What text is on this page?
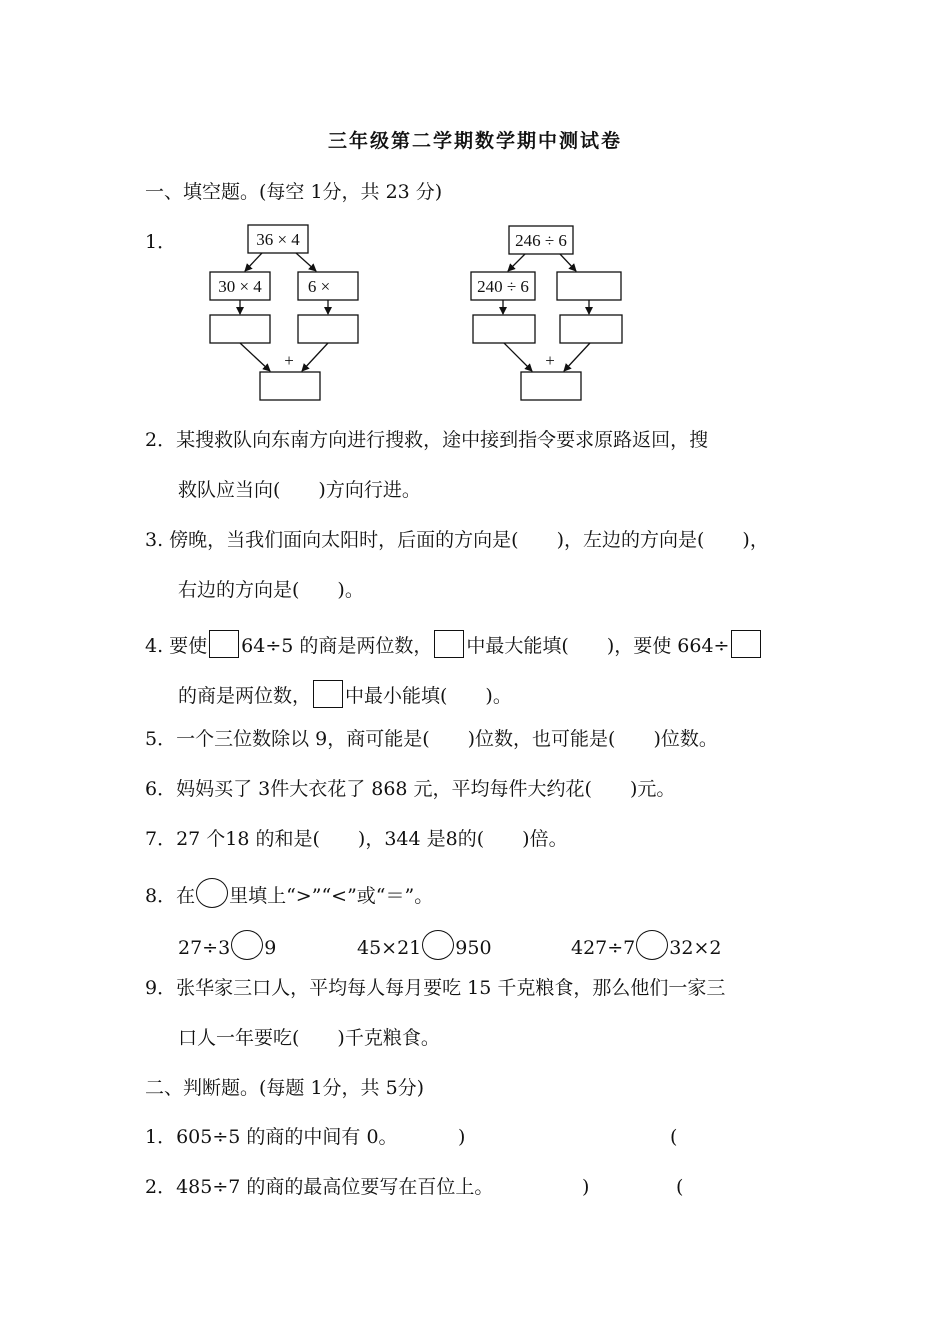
三年级第二学期数学期中测试卷
一、填空题。(每空 1分，共 23 分)
1．	36 × 4
30 × 4	6 ×
+
246 ÷ 6
240 ÷ 6
+
2．某搜救队向东南方向进行搜救，途中接到指令要求原路返回，搜
救队应当向(　　)方向行进。
3. 傍晚，当我们面向太阳时，后面的方向是(　　)，左边的方向是(　　)，
右边的方向是(　　)。
4. 要使 64÷5 的商是两位数， 中最大能填(　　)，要使 664÷
的商是两位数， 中最小能填(　　)。
5．一个三位数除以 9，商可能是(　　)位数，也可能是(　　)位数。
6．妈妈买了 3件大衣花了 868 元，平均每件大约花(　　)元。
7．27 个18 的和是(　　)，344 是8的(　　)倍。
8．在 里填上“>”“<”或“＝”。
27÷3 9	45×21 950	427÷7 32×2
9．张华家三口人，平均每人每月要吃 15 千克粮食，那么他们一家三
口人一年要吃(　　)千克粮食。
二、判断题。(每题 1分，共 5分)
1．605÷5 的商的中间有 0。	)	(
2．485÷7 的商的最高位要写在百位上。	)	(
